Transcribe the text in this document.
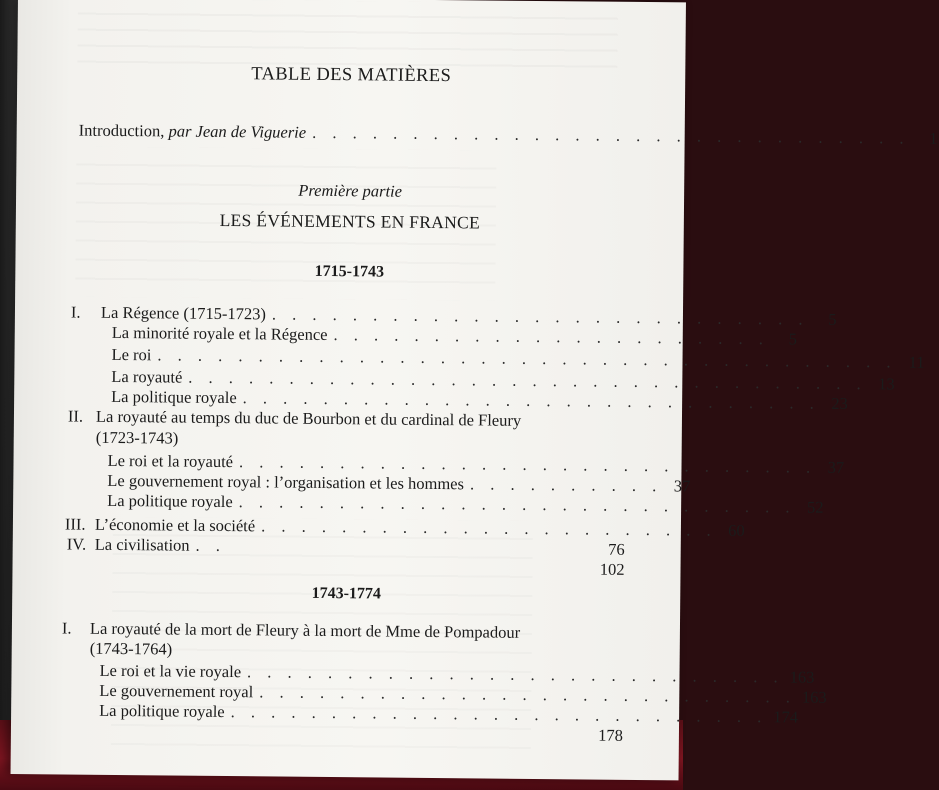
TABLE DES MATIÈRES
Introduction, par Jean de Viguerie . . . . . . . . . . . . . . . . . . . . . . . . . . . . . .	1
Première partie
LES ÉVÉNEMENTS EN FRANCE
1715-1743
I. La Régence (1715-1723) . . . . . . . . . . . . . . . . . . . . . . . . . . .	5
La minorité royale et la Régence . . . . . . . . . . . . . . . . . . . . . .	5
Le roi . . . . . . . . . . . . . . . . . . . . . . . . . . . . . . . . . . . . . 11
La royauté . . . . . . . . . . . . . . . . . . . . . . . . . . . . . . . . . . 13
La politique royale . . . . . . . . . . . . . . . . . . . . . . . . . . . . . 23
II. La royauté au temps du duc de Bourbon et du cardinal de Fleury
(1723-1743)
Le roi et la royauté . . . . . . . . . . . . . . . . . . . . . . . . . . . . . 37
Le gouvernement royal : l’organisation et les hommes . . . . . . . . . . 37
La politique royale . . . . . . . . . . . . . . . . . . . . . . . . . . . . 52
III. L’économie et la société . . . . . . . . . . . . . . . . . . . . . . . 60
IV. La civilisation . .	76
102
1743-1774
I. La royauté de la mort de Fleury à la mort de Mme de Pompadour
(1743-1764)
Le roi et la vie royale . . . . . . . . . . . . . . . . . . . . . . . . . . . 163
Le gouvernement royal . . . . . . . . . . . . . . . . . . . . . . . . . . . 163
La politique royale . . . . . . . . . . . . . . . . . . . . . . . . . . . 174
178
